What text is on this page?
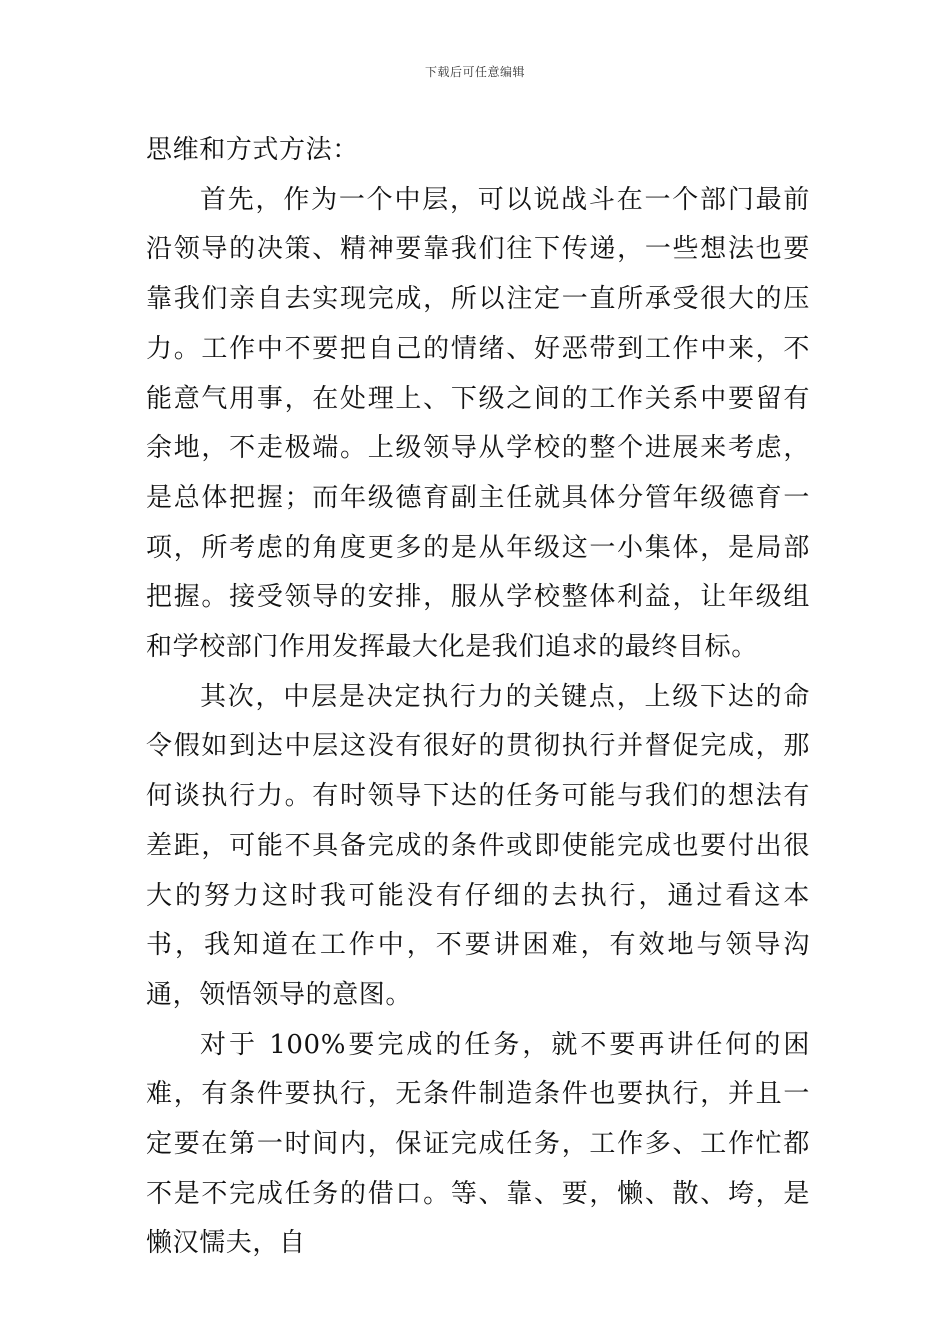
下载后可任意编辑

思维和方式方法：

首先，作为一个中层，可以说战斗在一个部门最前沿领导的决策、精神要靠我们往下传递，一些想法也要靠我们亲自去实现完成，所以注定一直所承受很大的压力。工作中不要把自己的情绪、好恶带到工作中来，不能意气用事，在处理上、下级之间的工作关系中要留有余地，不走极端。上级领导从学校的整个进展来考虑，是总体把握；而年级德育副主任就具体分管年级德育一项，所考虑的角度更多的是从年级这一小集体，是局部把握。接受领导的安排，服从学校整体利益，让年级组和学校部门作用发挥最大化是我们追求的最终目标。

其次，中层是决定执行力的关键点，上级下达的命令假如到达中层这没有很好的贯彻执行并督促完成，那何谈执行力。有时领导下达的任务可能与我们的想法有差距，可能不具备完成的条件或即使能完成也要付出很大的努力这时我可能没有仔细的去执行，通过看这本书，我知道在工作中，不要讲困难，有效地与领导沟通，领悟领导的意图。

对于 100%要完成的任务，就不要再讲任何的困难，有条件要执行，无条件制造条件也要执行，并且一定要在第一时间内，保证完成任务，工作多、工作忙都不是不完成任务的借口。等、靠、要，懒、散、垮，是懒汉懦夫，自
